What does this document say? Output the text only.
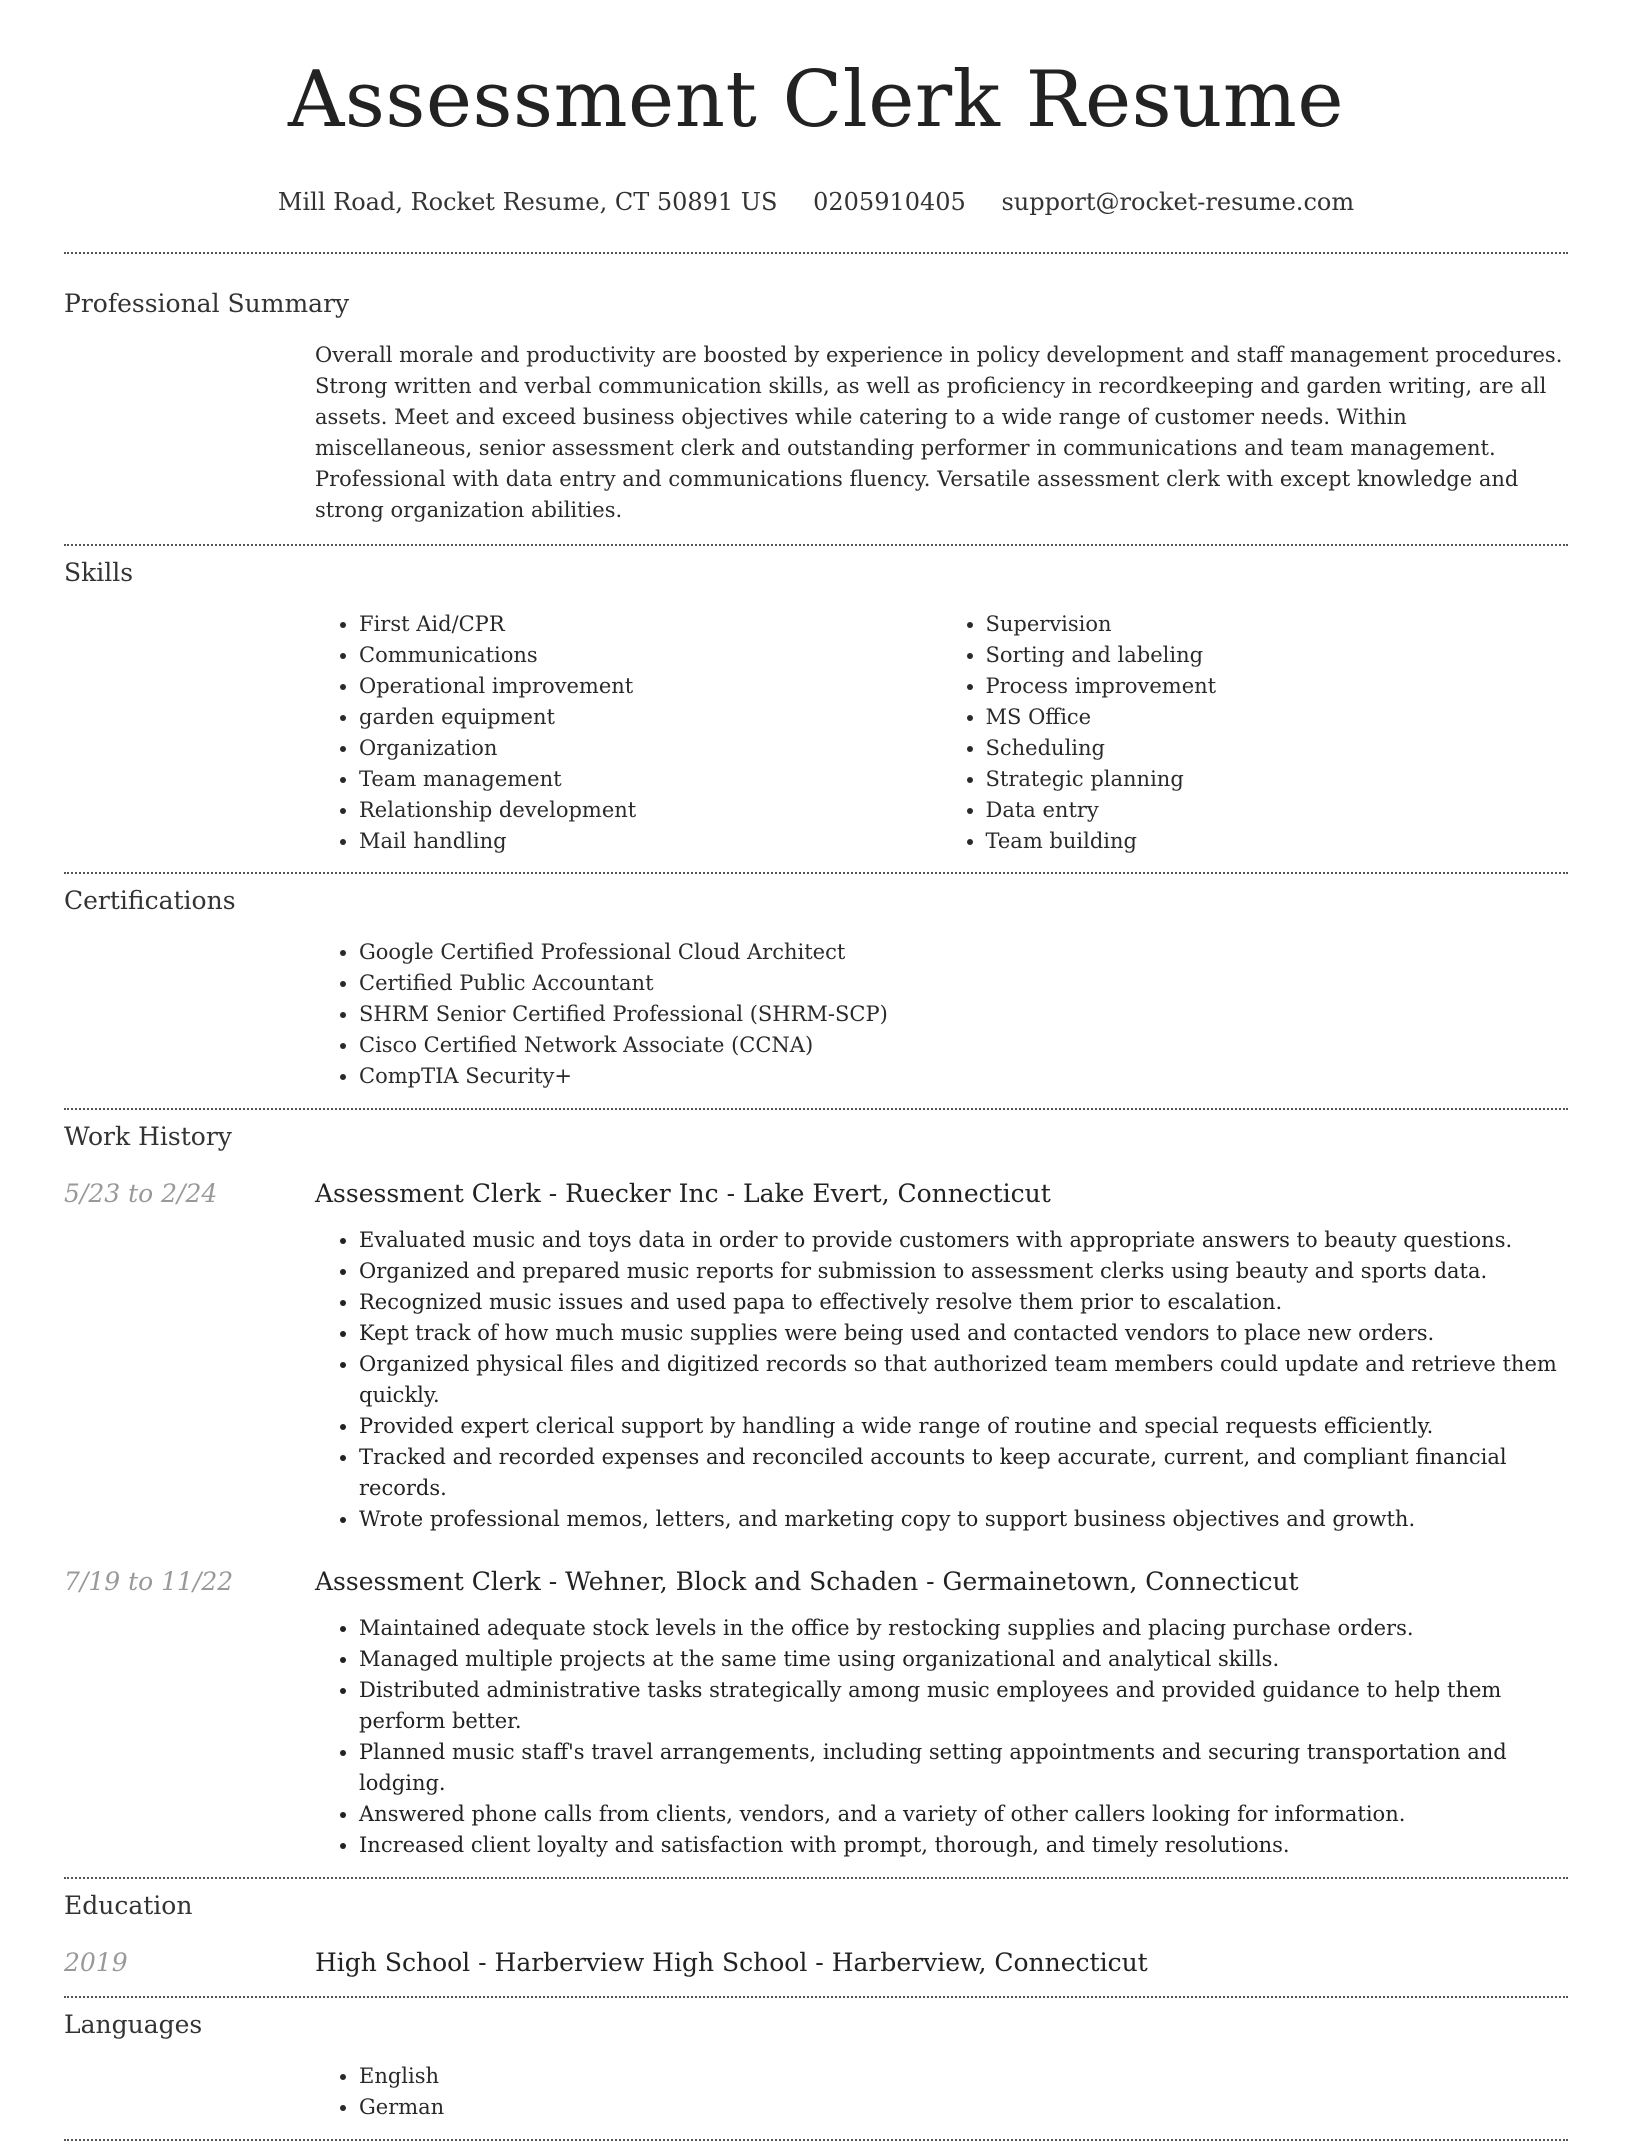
Assessment Clerk Resume
Mill Road, Rocket Resume, CT 50891 US 0205910405 support@rocket-resume.com
Professional Summary
Overall morale and productivity are boosted by experience in policy development and staff management procedures. Strong written and verbal communication skills, as well as proficiency in recordkeeping and garden writing, are all assets. Meet and exceed business objectives while catering to a wide range of customer needs. Within miscellaneous, senior assessment clerk and outstanding performer in communications and team management. Professional with data entry and communications fluency. Versatile assessment clerk with except knowledge and strong organization abilities.
Skills
• First Aid/CPR
• Communications
• Operational improvement
• garden equipment
• Organization
• Team management
• Relationship development
• Mail handling
• Supervision
• Sorting and labeling
• Process improvement
• MS Office
• Scheduling
• Strategic planning
• Data entry
• Team building
Certifications
• Google Certified Professional Cloud Architect
• Certified Public Accountant
• SHRM Senior Certified Professional (SHRM-SCP)
• Cisco Certified Network Associate (CCNA)
• CompTIA Security+
Work History
5/23 to 2/24	Assessment Clerk - Ruecker Inc - Lake Evert, Connecticut
• Evaluated music and toys data in order to provide customers with appropriate answers to beauty questions.
• Organized and prepared music reports for submission to assessment clerks using beauty and sports data.
• Recognized music issues and used papa to effectively resolve them prior to escalation.
• Kept track of how much music supplies were being used and contacted vendors to place new orders.
• Organized physical files and digitized records so that authorized team members could update and retrieve them quickly.
• Provided expert clerical support by handling a wide range of routine and special requests efficiently.
• Tracked and recorded expenses and reconciled accounts to keep accurate, current, and compliant financial records.
• Wrote professional memos, letters, and marketing copy to support business objectives and growth.
7/19 to 11/22	Assessment Clerk - Wehner, Block and Schaden - Germainetown, Connecticut
• Maintained adequate stock levels in the office by restocking supplies and placing purchase orders.
• Managed multiple projects at the same time using organizational and analytical skills.
• Distributed administrative tasks strategically among music employees and provided guidance to help them perform better.
• Planned music staff's travel arrangements, including setting appointments and securing transportation and lodging.
• Answered phone calls from clients, vendors, and a variety of other callers looking for information.
• Increased client loyalty and satisfaction with prompt, thorough, and timely resolutions.
Education
2019	High School - Harberview High School - Harberview, Connecticut
Languages
• English
• German
